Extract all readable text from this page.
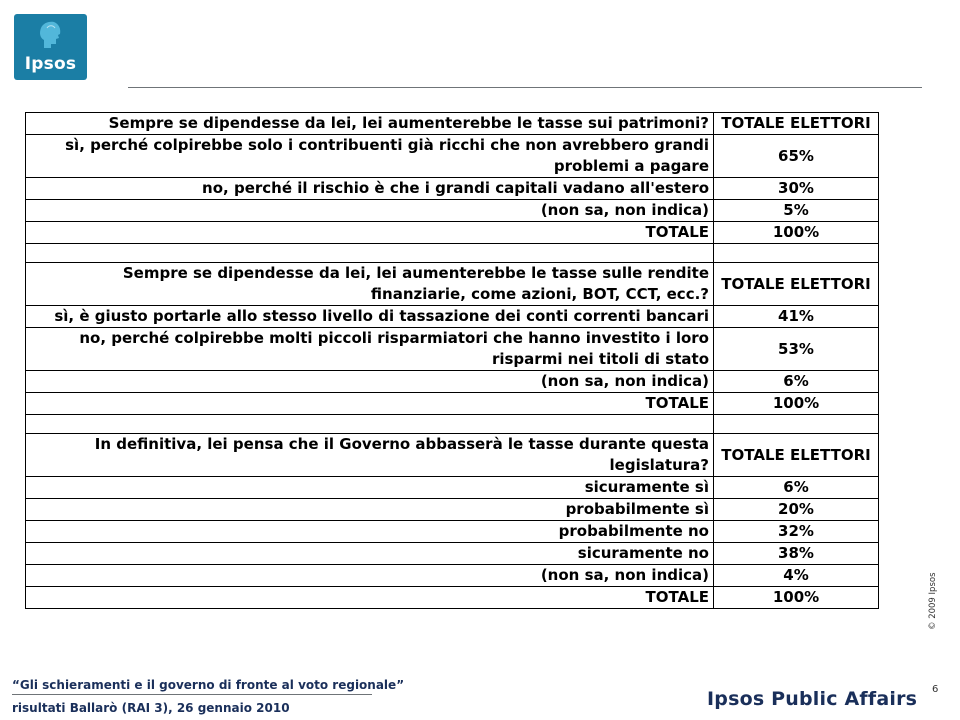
Ipsos
Sempre se dipendesse da lei, lei aumenterebbe le tasse sui patrimoni?	TOTALE ELETTORI
sì, perché colpirebbe solo i contribuenti già ricchi che non avrebbero grandi problemi a pagare	65%
no, perché il rischio è che i grandi capitali vadano all'estero	30%
(non sa, non indica)	5%
TOTALE	100%

Sempre se dipendesse da lei, lei aumenterebbe le tasse sulle rendite finanziarie, come azioni, BOT, CCT, ecc.?	TOTALE ELETTORI
sì, è giusto portarle allo stesso livello di tassazione dei conti correnti bancari	41%
no, perché colpirebbe molti piccoli risparmiatori che hanno investito i loro risparmi nei titoli di stato	53%
(non sa, non indica)	6%
TOTALE	100%

In definitiva, lei pensa che il Governo abbasserà le tasse durante questa legislatura?	TOTALE ELETTORI
sicuramente sì	6%
probabilmente sì	20%
probabilmente no	32%
sicuramente no	38%
(non sa, non indica)	4%
TOTALE	100%	© 2009 Ipsos
“Gli schieramenti e il governo di fronte al voto regionale”
risultati Ballarò (RAI 3), 26 gennaio 2010	Ipsos Public Affairs 6
